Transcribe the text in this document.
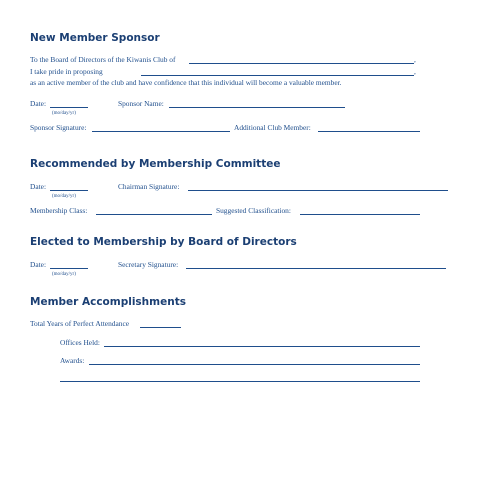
New Member Sponsor
To the Board of Directors of the Kiwanis Club of	,
I take pride in proposing	,
as an active member of the club and have confidence that this individual will become a valuable member.
Date:
(mo/day/yr)
Sponsor Name:
Sponsor Signature:	Additional Club Member:
Recommended by Membership Committee
Date:
(mo/day/yr)
Chairman Signature:
Membership Class:	Suggested Classification:
Elected to Membership by Board of Directors
Date:
(mo/day/yr)
Secretary Signature:
Member Accomplishments
Total Years of Perfect Attendance
Offices Held:
Awards:
